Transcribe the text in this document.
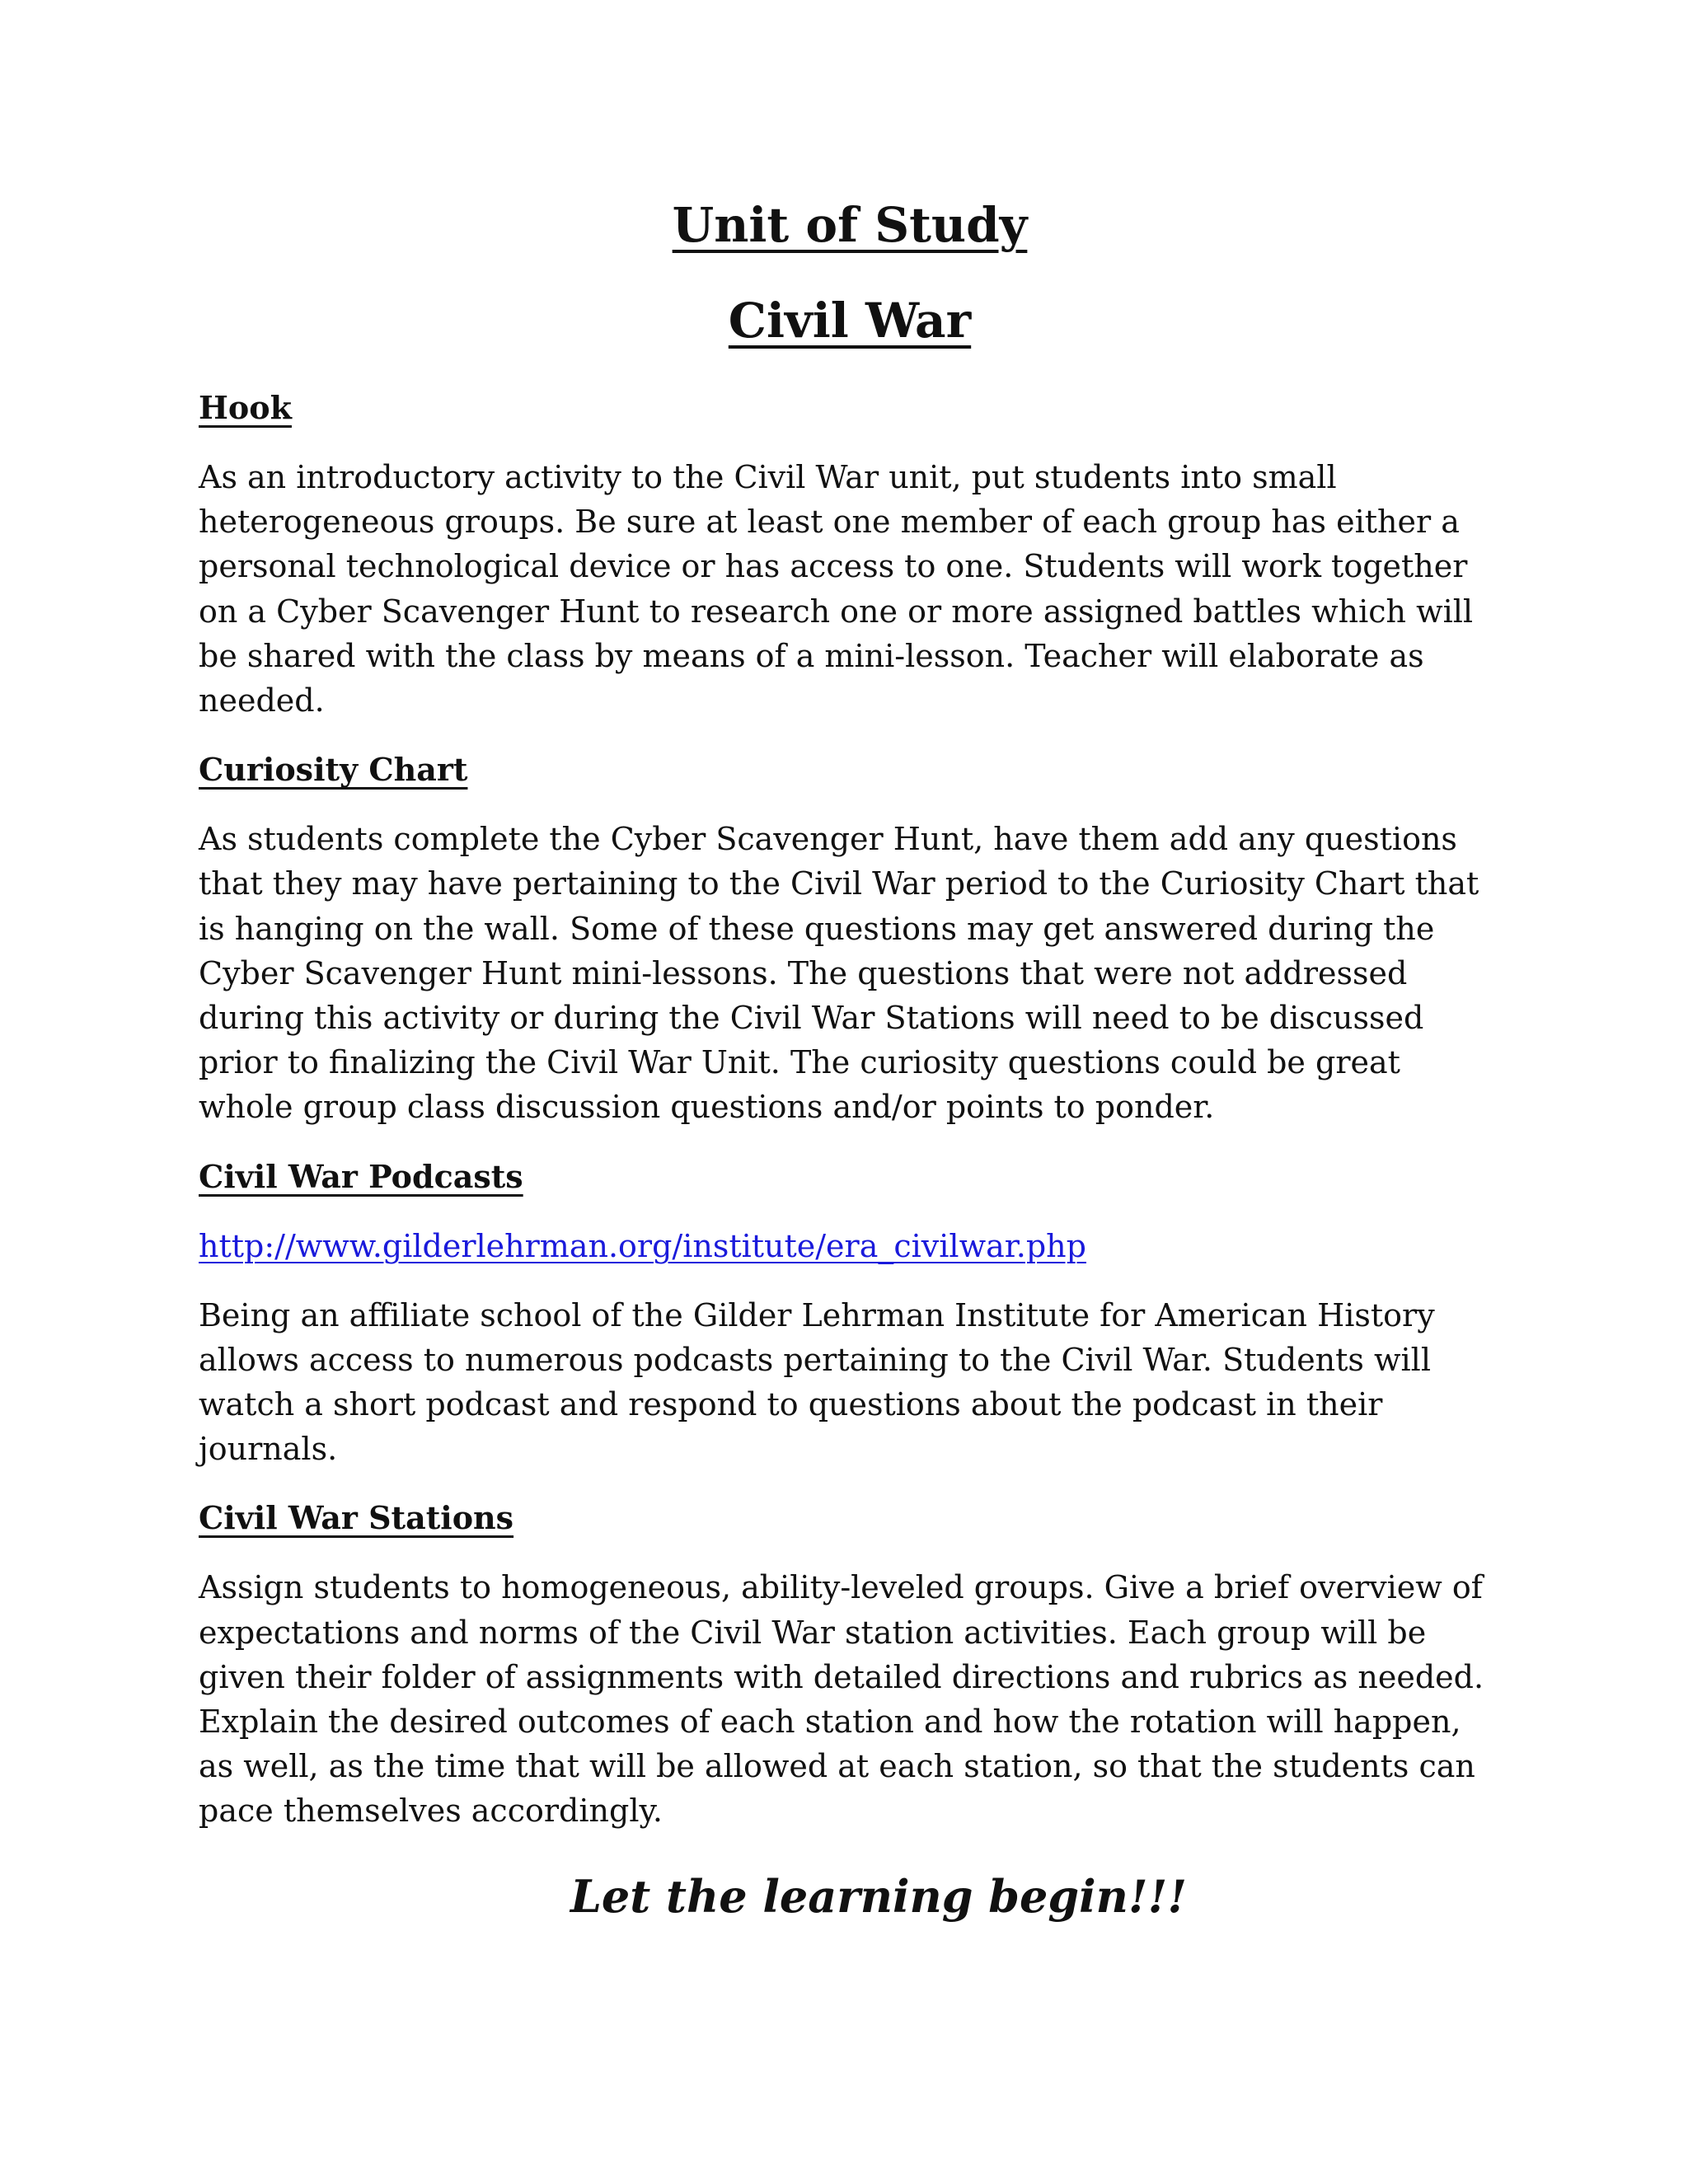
Unit of Study
Civil War
Hook

As an introductory activity to the Civil War unit, put students into small heterogeneous groups. Be sure at least one member of each group has either a personal technological device or has access to one. Students will work together on a Cyber Scavenger Hunt to research one or more assigned battles which will be shared with the class by means of a mini-lesson. Teacher will elaborate as needed.

Curiosity Chart

As students complete the Cyber Scavenger Hunt, have them add any questions that they may have pertaining to the Civil War period to the Curiosity Chart that is hanging on the wall. Some of these questions may get answered during the Cyber Scavenger Hunt mini-lessons. The questions that were not addressed during this activity or during the Civil War Stations will need to be discussed prior to finalizing the Civil War Unit. The curiosity questions could be great whole group class discussion questions and/or points to ponder.

Civil War Podcasts
http://www.gilderlehrman.org/institute/era_civilwar.php

Being an affiliate school of the Gilder Lehrman Institute for American History allows access to numerous podcasts pertaining to the Civil War. Students will watch a short podcast and respond to questions about the podcast in their journals.

Civil War Stations

Assign students to homogeneous, ability-leveled groups. Give a brief overview of expectations and norms of the Civil War station activities. Each group will be given their folder of assignments with detailed directions and rubrics as needed. Explain the desired outcomes of each station and how the rotation will happen, as well, as the time that will be allowed at each station, so that the students can pace themselves accordingly.

Let the learning begin!!!
